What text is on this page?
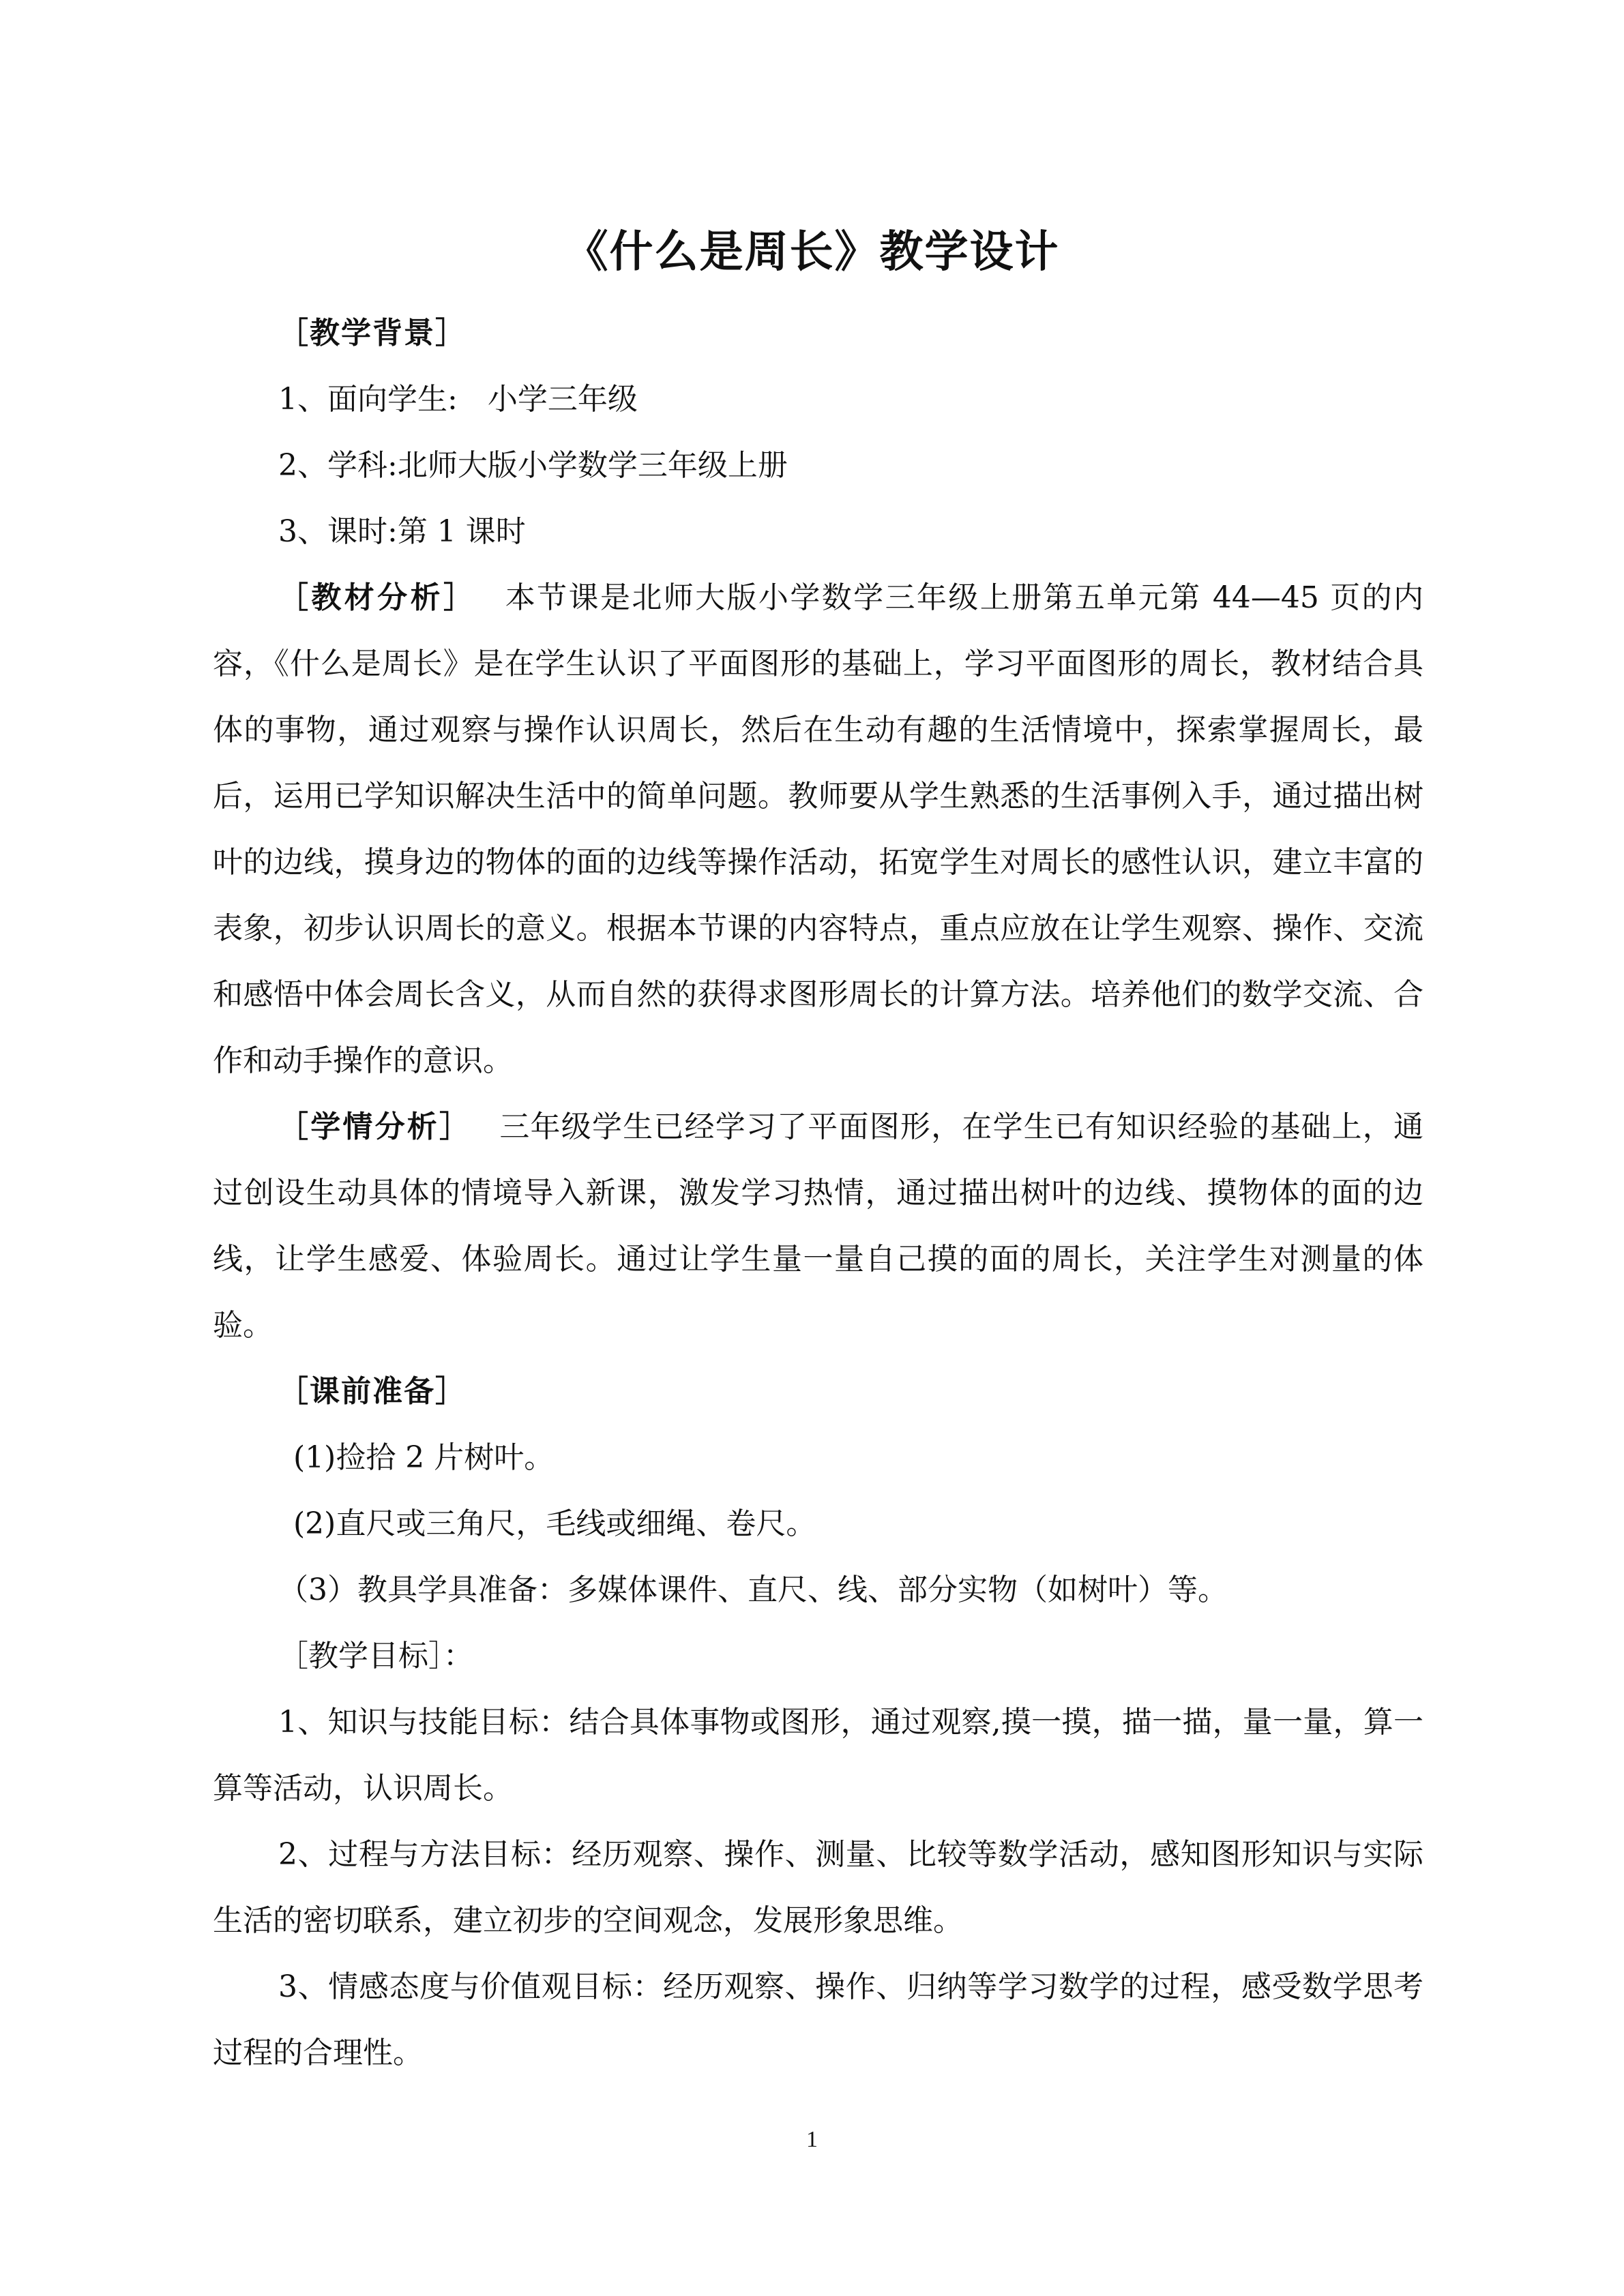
《什么是周长》教学设计

［教学背景］

1、面向学生:　小学三年级

2、学科:北师大版小学数学三年级上册

3、课时:第 1 课时

［教材分析］ 本节课是北师大版小学数学三年级上册第五单元第 44—45 页的内容，《什么是周长》是在学生认识了平面图形的基础上，学习平面图形的周长，教材结合具体的事物，通过观察与操作认识周长，然后在生动有趣的生活情境中，探索掌握周长，最后，运用已学知识解决生活中的简单问题。教师要从学生熟悉的生活事例入手，通过描出树叶的边线，摸身边的物体的面的边线等操作活动，拓宽学生对周长的感性认识，建立丰富的表象，初步认识周长的意义。根据本节课的内容特点，重点应放在让学生观察、操作、交流和感悟中体会周长含义，从而自然的获得求图形周长的计算方法。培养他们的数学交流、合作和动手操作的意识。

［学情分析］ 三年级学生已经学习了平面图形，在学生已有知识经验的基础上，通过创设生动具体的情境导入新课，激发学习热情，通过描出树叶的边线、摸物体的面的边线，让学生感爱、体验周长。通过让学生量一量自己摸的面的周长，关注学生对测量的体验。

［课前准备］

(1)捡拾 2 片树叶。

(2)直尺或三角尺，毛线或细绳、卷尺。

（3）教具学具准备：多媒体课件、直尺、线、部分实物（如树叶）等。

［教学目标］：

1、知识与技能目标：结合具体事物或图形，通过观察,摸一摸，描一描，量一量，算一算等活动，认识周长。

2、过程与方法目标：经历观察、操作、测量、比较等数学活动，感知图形知识与实际生活的密切联系，建立初步的空间观念，发展形象思维。

3、情感态度与价值观目标：经历观察、操作、归纳等学习数学的过程，感受数学思考过程的合理性。

1
